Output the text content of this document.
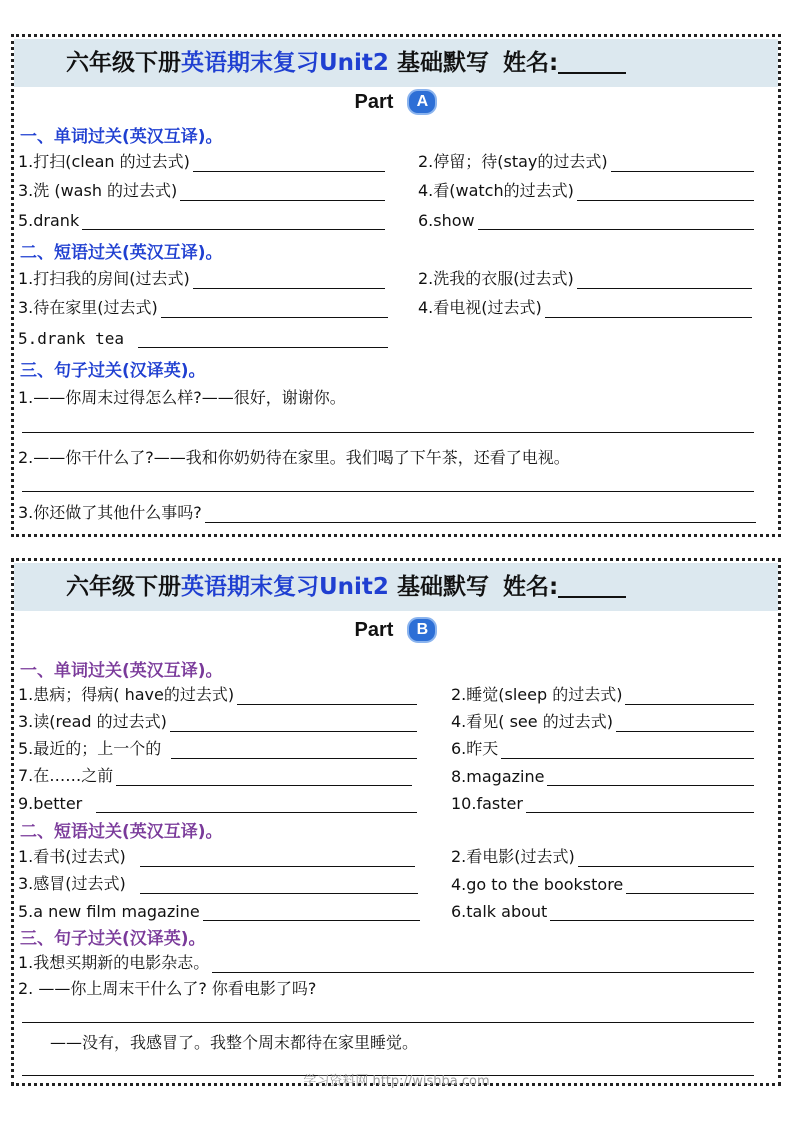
六年级下册英语期末复习Unit2 基础默写 姓名:
Part A
一、单词过关(英汉互译)。
1.打扫(clean 的过去式)	2.停留；待(stay的过去式)
3.洗 (wash 的过去式)	4.看(watch的过去式)
5.drank	6.show
二、短语过关(英汉互译)。
1.打扫我的房间(过去式)	2.洗我的衣服(过去式)
3.待在家里(过去式)	4.看电视(过去式)
5.drank tea
三、句子过关(汉译英)。
1.——你周末过得怎么样?——很好，谢谢你。
2.——你干什么了?——我和你奶奶待在家里。我们喝了下午茶，还看了电视。
3.你还做了其他什么事吗?
六年级下册英语期末复习Unit2 基础默写 姓名:
Part B
一、单词过关(英汉互译)。
1.患病；得病( have的过去式)	2.睡觉(sleep 的过去式)
3.读(read 的过去式)	4.看见( see 的过去式)
5.最近的；上一个的	6.昨天
7.在……之前	8.magazine
9.better	10.faster
二、短语过关(英汉互译)。
1.看书(过去式)	2.看电影(过去式)
3.感冒(过去式)	4.go to the bookstore
5.a new film magazine	6.talk about
三、句子过关(汉译英)。
1.我想买期新的电影杂志。
2. ——你上周末干什么了? 你看电影了吗?
——没有，我感冒了。我整个周末都待在家里睡觉。
学习资料网 http://wishba.com
